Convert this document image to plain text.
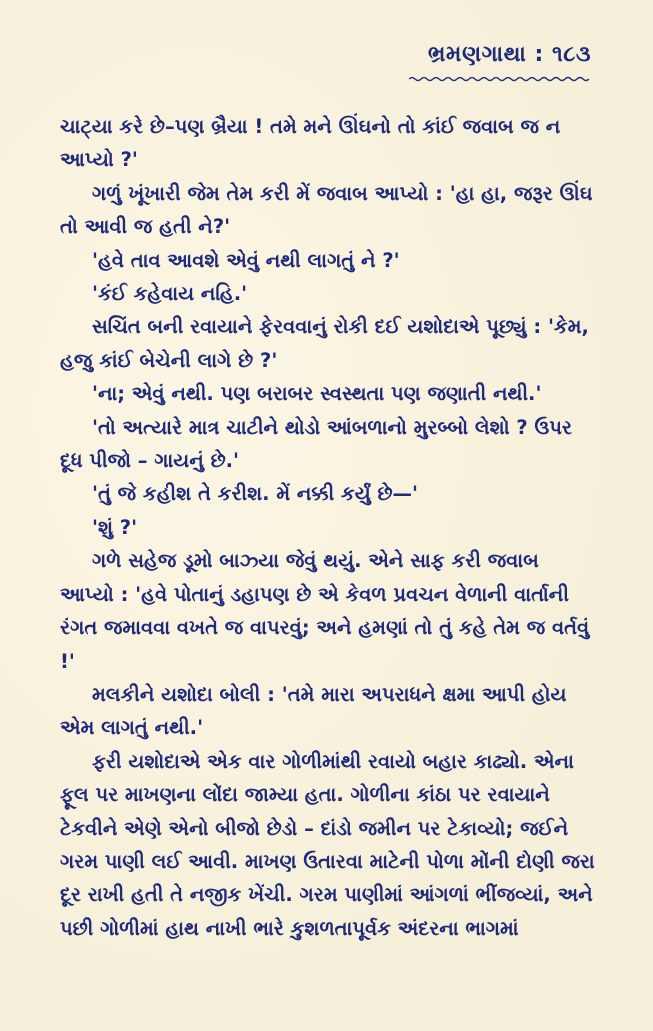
ભ્રમણગાથા : ૧૮૩

ચાટ્યા કરે છે–પણ બ્રૈયા ! તમે મને ઊંઘનો તો કાંઈ જવાબ જ ન આપ્યો ?'

ગળું ખૂંખારી જેમ તેમ કરી મેં જવાબ આપ્યો : 'હા હા, જરૂર ઊંઘ તો આવી જ હતી ને?'

'હવે તાવ આવશે એવું નથી લાગતું ને ?'

'કંઈ કહેવાય નહિ.'

સચિંત બની રવાયાને ફેરવવાનું રોકી દઈ યશોદાએ પૂછ્યું : 'કેમ, હજુ કાંઈ બેચેની લાગે છે ?'

'ના; એવું નથી. પણ બરાબર સ્વસ્થતા પણ જણાતી નથી.'

'તો અત્યારે માત્ર ચાટીને થોડો આંબળાનો મુરબ્બો લેશો ? ઉપર દૂધ પીજો – ગાયનું છે.'

'તું જે કહીશ તે કરીશ. મેં નક્કી કર્યું છે—'

'શું ?'

ગળે સહેજ ડૂમો બાઝ્યા જેવું થયું. એને સાફ કરી જવાબ આપ્યો : 'હવે પોતાનું ડહાપણ છે એ કેવળ પ્રવચન વેળાની વાર્તાની રંગત જમાવવા વખતે જ વાપરવું; અને હમણાં તો તું કહે તેમ જ વર્તવું !'

મલકીને યશોદા બોલી : 'તમે મારા અપરાધને ક્ષમા આપી હોય એમ લાગતું નથી.'

ફરી યશોદાએ એક વાર ગોળીમાંથી રવાયો બહાર કાઢ્યો. એના ફૂલ પર માખણના લોંદા જામ્યા હતા. ગોળીના કાંઠા પર રવાયાને ટેકવીને એણે એનો બીજો છેડો – દાંડો જમીન પર ટેકાવ્યો; જઈને ગરમ પાણી લઈ આવી. માખણ ઉતારવા માટેની પોળા મોંની દોણી જરા દૂર રાખી હતી તે નજીક ખેંચી. ગરમ પાણીમાં આંગળાં ભીંજવ્યાં, અને પછી ગોળીમાં હાથ નાખી ભારે કુશળતાપૂર્વક અંદરના ભાગમાં
